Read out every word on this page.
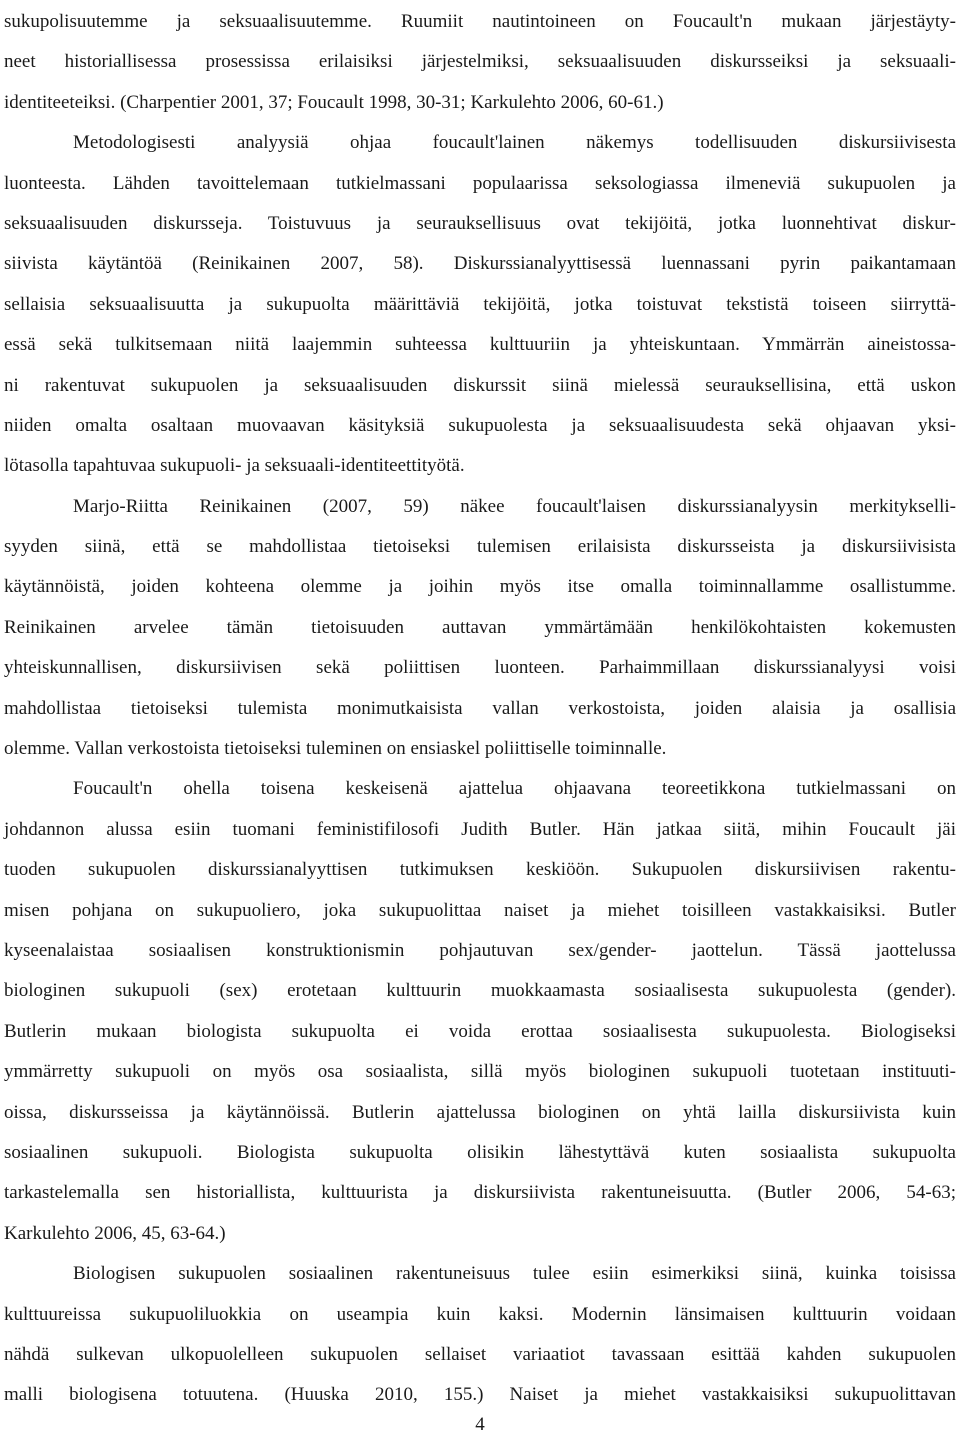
sukupolisuutemme ja seksuaalisuutemme. Ruumiit nautintoineen on Foucault'n mukaan järjestäyty-
neet historiallisessa prosessissa erilaisiksi järjestelmiksi, seksuaalisuuden diskursseiksi ja seksuaali-
identiteeteiksi. (Charpentier 2001, 37; Foucault 1998, 30-31; Karkulehto 2006, 60-61.)
Metodologisesti analyysiä ohjaa foucault'lainen näkemys todellisuuden diskursiivisesta
luonteesta. Lähden tavoittelemaan tutkielmassani populaarissa seksologiassa ilmeneviä sukupuolen ja
seksuaalisuuden diskursseja. Toistuvuus ja seurauksellisuus ovat tekijöitä, jotka luonnehtivat diskur-
siivista käytäntöä (Reinikainen 2007, 58). Diskurssianalyyttisessä luennassani pyrin paikantamaan
sellaisia seksuaalisuutta ja sukupuolta määrittäviä tekijöitä, jotka toistuvat tekstistä toiseen siirryttä-
essä sekä tulkitsemaan niitä laajemmin suhteessa kulttuuriin ja yhteiskuntaan. Ymmärrän aineistossa-
ni rakentuvat sukupuolen ja seksuaalisuuden diskurssit siinä mielessä seurauksellisina, että uskon
niiden omalta osaltaan muovaavan käsityksiä sukupuolesta ja seksuaalisuudesta sekä ohjaavan yksi-
lötasolla tapahtuvaa sukupuoli- ja seksuaali-identiteettityötä.
Marjo-Riitta Reinikainen (2007, 59) näkee foucault'laisen diskurssianalyysin merkitykselli-
syyden siinä, että se mahdollistaa tietoiseksi tulemisen erilaisista diskursseista ja diskursiivisista
käytännöistä, joiden kohteena olemme ja joihin myös itse omalla toiminnallamme osallistumme.
Reinikainen arvelee tämän tietoisuuden auttavan ymmärtämään henkilökohtaisten kokemusten
yhteiskunnallisen, diskursiivisen sekä poliittisen luonteen. Parhaimmillaan diskurssianalyysi voisi
mahdollistaa tietoiseksi tulemista monimutkaisista vallan verkostoista, joiden alaisia ja osallisia
olemme. Vallan verkostoista tietoiseksi tuleminen on ensiaskel poliittiselle toiminnalle.
Foucault'n ohella toisena keskeisenä ajattelua ohjaavana teoreetikkona tutkielmassani on
johdannon alussa esiin tuomani feministifilosofi Judith Butler. Hän jatkaa siitä, mihin Foucault jäi
tuoden sukupuolen diskurssianalyyttisen tutkimuksen keskiöön. Sukupuolen diskursiivisen rakentu-
misen pohjana on sukupuoliero, joka sukupuolittaa naiset ja miehet toisilleen vastakkaisiksi. Butler
kyseenalaistaa sosiaalisen konstruktionismin pohjautuvan sex/gender- jaottelun. Tässä jaottelussa
biologinen sukupuoli (sex) erotetaan kulttuurin muokkaamasta sosiaalisesta sukupuolesta (gender).
Butlerin mukaan biologista sukupuolta ei voida erottaa sosiaalisesta sukupuolesta. Biologiseksi
ymmärretty sukupuoli on myös osa sosiaalista, sillä myös biologinen sukupuoli tuotetaan instituuti-
oissa, diskursseissa ja käytännöissä. Butlerin ajattelussa biologinen on yhtä lailla diskursiivista kuin
sosiaalinen sukupuoli. Biologista sukupuolta olisikin lähestyttävä kuten sosiaalista sukupuolta
tarkastelemalla sen historiallista, kulttuurista ja diskursiivista rakentuneisuutta. (Butler 2006, 54-63;
Karkulehto 2006, 45, 63-64.)
Biologisen sukupuolen sosiaalinen rakentuneisuus tulee esiin esimerkiksi siinä, kuinka toisissa
kulttuureissa sukupuoliluokkia on useampia kuin kaksi. Modernin länsimaisen kulttuurin voidaan
nähdä sulkevan ulkopuolelleen sukupuolen sellaiset variaatiot tavassaan esittää kahden sukupuolen
malli biologisena totuutena. (Huuska 2010, 155.) Naiset ja miehet vastakkaisiksi sukupuolittavan
4
